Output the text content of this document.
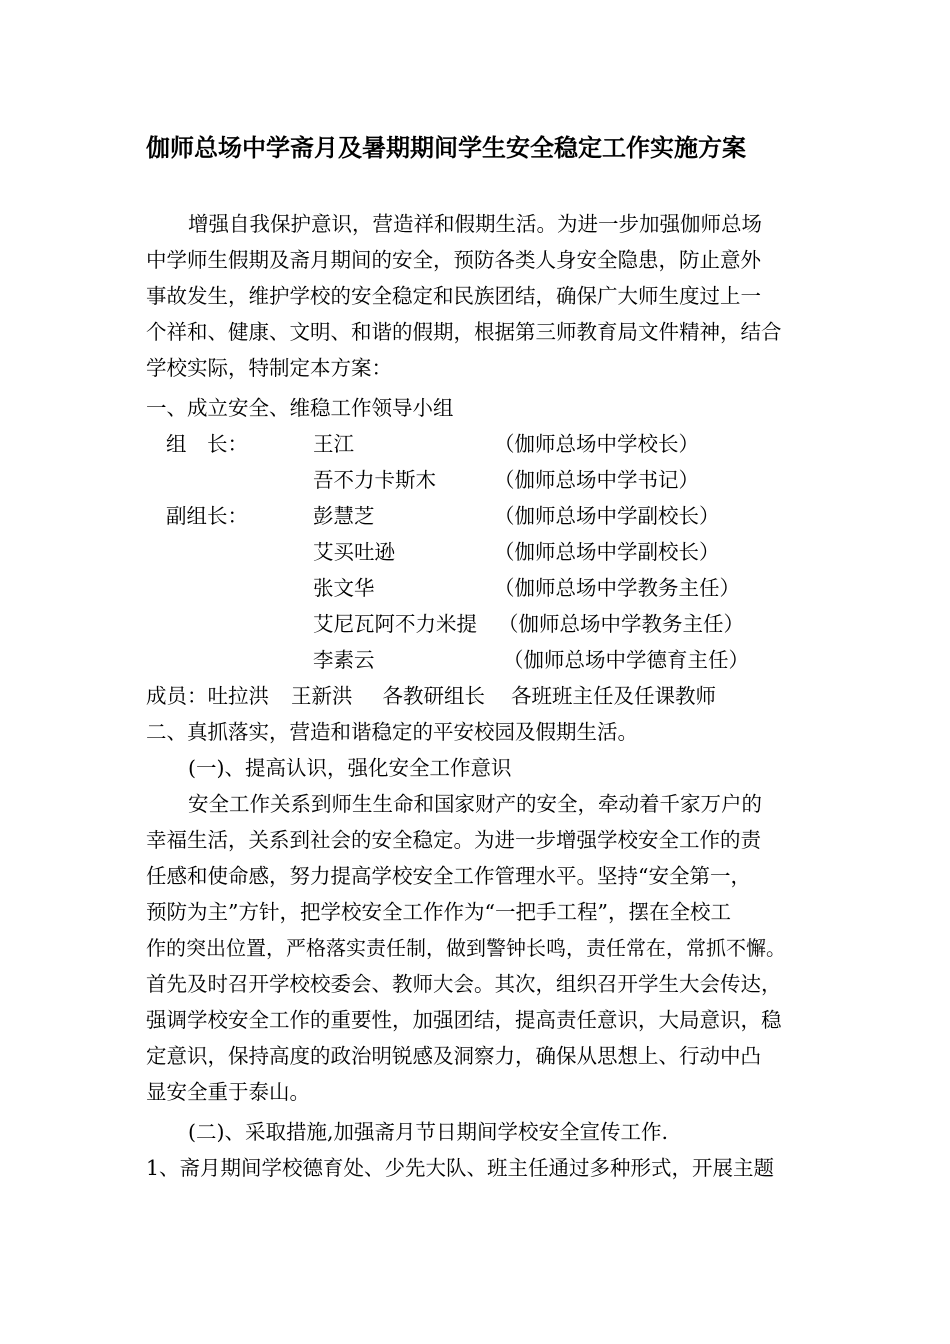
伽师总场中学斋月及暑期期间学生安全稳定工作实施方案
增强自我保护意识，营造祥和假期生活。为进一步加强伽师总场
中学师生假期及斋月期间的安全，预防各类人身安全隐患，防止意外
事故发生，维护学校的安全稳定和民族团结，确保广大师生度过上一
个祥和、健康、文明、和谐的假期，根据第三师教育局文件精神，结合
学校实际，特制定本方案：
一、成立安全、维稳工作领导小组
组　长：	王江	（伽师总场中学校长）
吾不力卡斯木	（伽师总场中学书记）
副组长：	彭慧芝	（伽师总场中学副校长）
艾买吐逊	（伽师总场中学副校长）
张文华	（伽师总场中学教务主任）
艾尼瓦阿不力米提 （伽师总场中学教务主任）
李素云	（伽师总场中学德育主任）
成员：吐拉洪 王新洪 各教研组长 各班班主任及任课教师
二、真抓落实，营造和谐稳定的平安校园及假期生活。
(一)、提高认识，强化安全工作意识
安全工作关系到师生生命和国家财产的安全，牵动着千家万户的
幸福生活，关系到社会的安全稳定。为进一步增强学校安全工作的责
任感和使命感，努力提高学校安全工作管理水平。坚持“安全第一，
预防为主”方针，把学校安全工作作为“一把手工程”，摆在全校工
作的突出位置，严格落实责任制，做到警钟长鸣，责任常在，常抓不懈。
首先及时召开学校校委会、教师大会。其次，组织召开学生大会传达，
强调学校安全工作的重要性，加强团结，提高责任意识，大局意识，稳
定意识，保持高度的政治明锐感及洞察力，确保从思想上、行动中凸
显安全重于泰山。
(二)、采取措施,加强斋月节日期间学校安全宣传工作.
1、斋月期间学校德育处、少先大队、班主任通过多种形式，开展主题
